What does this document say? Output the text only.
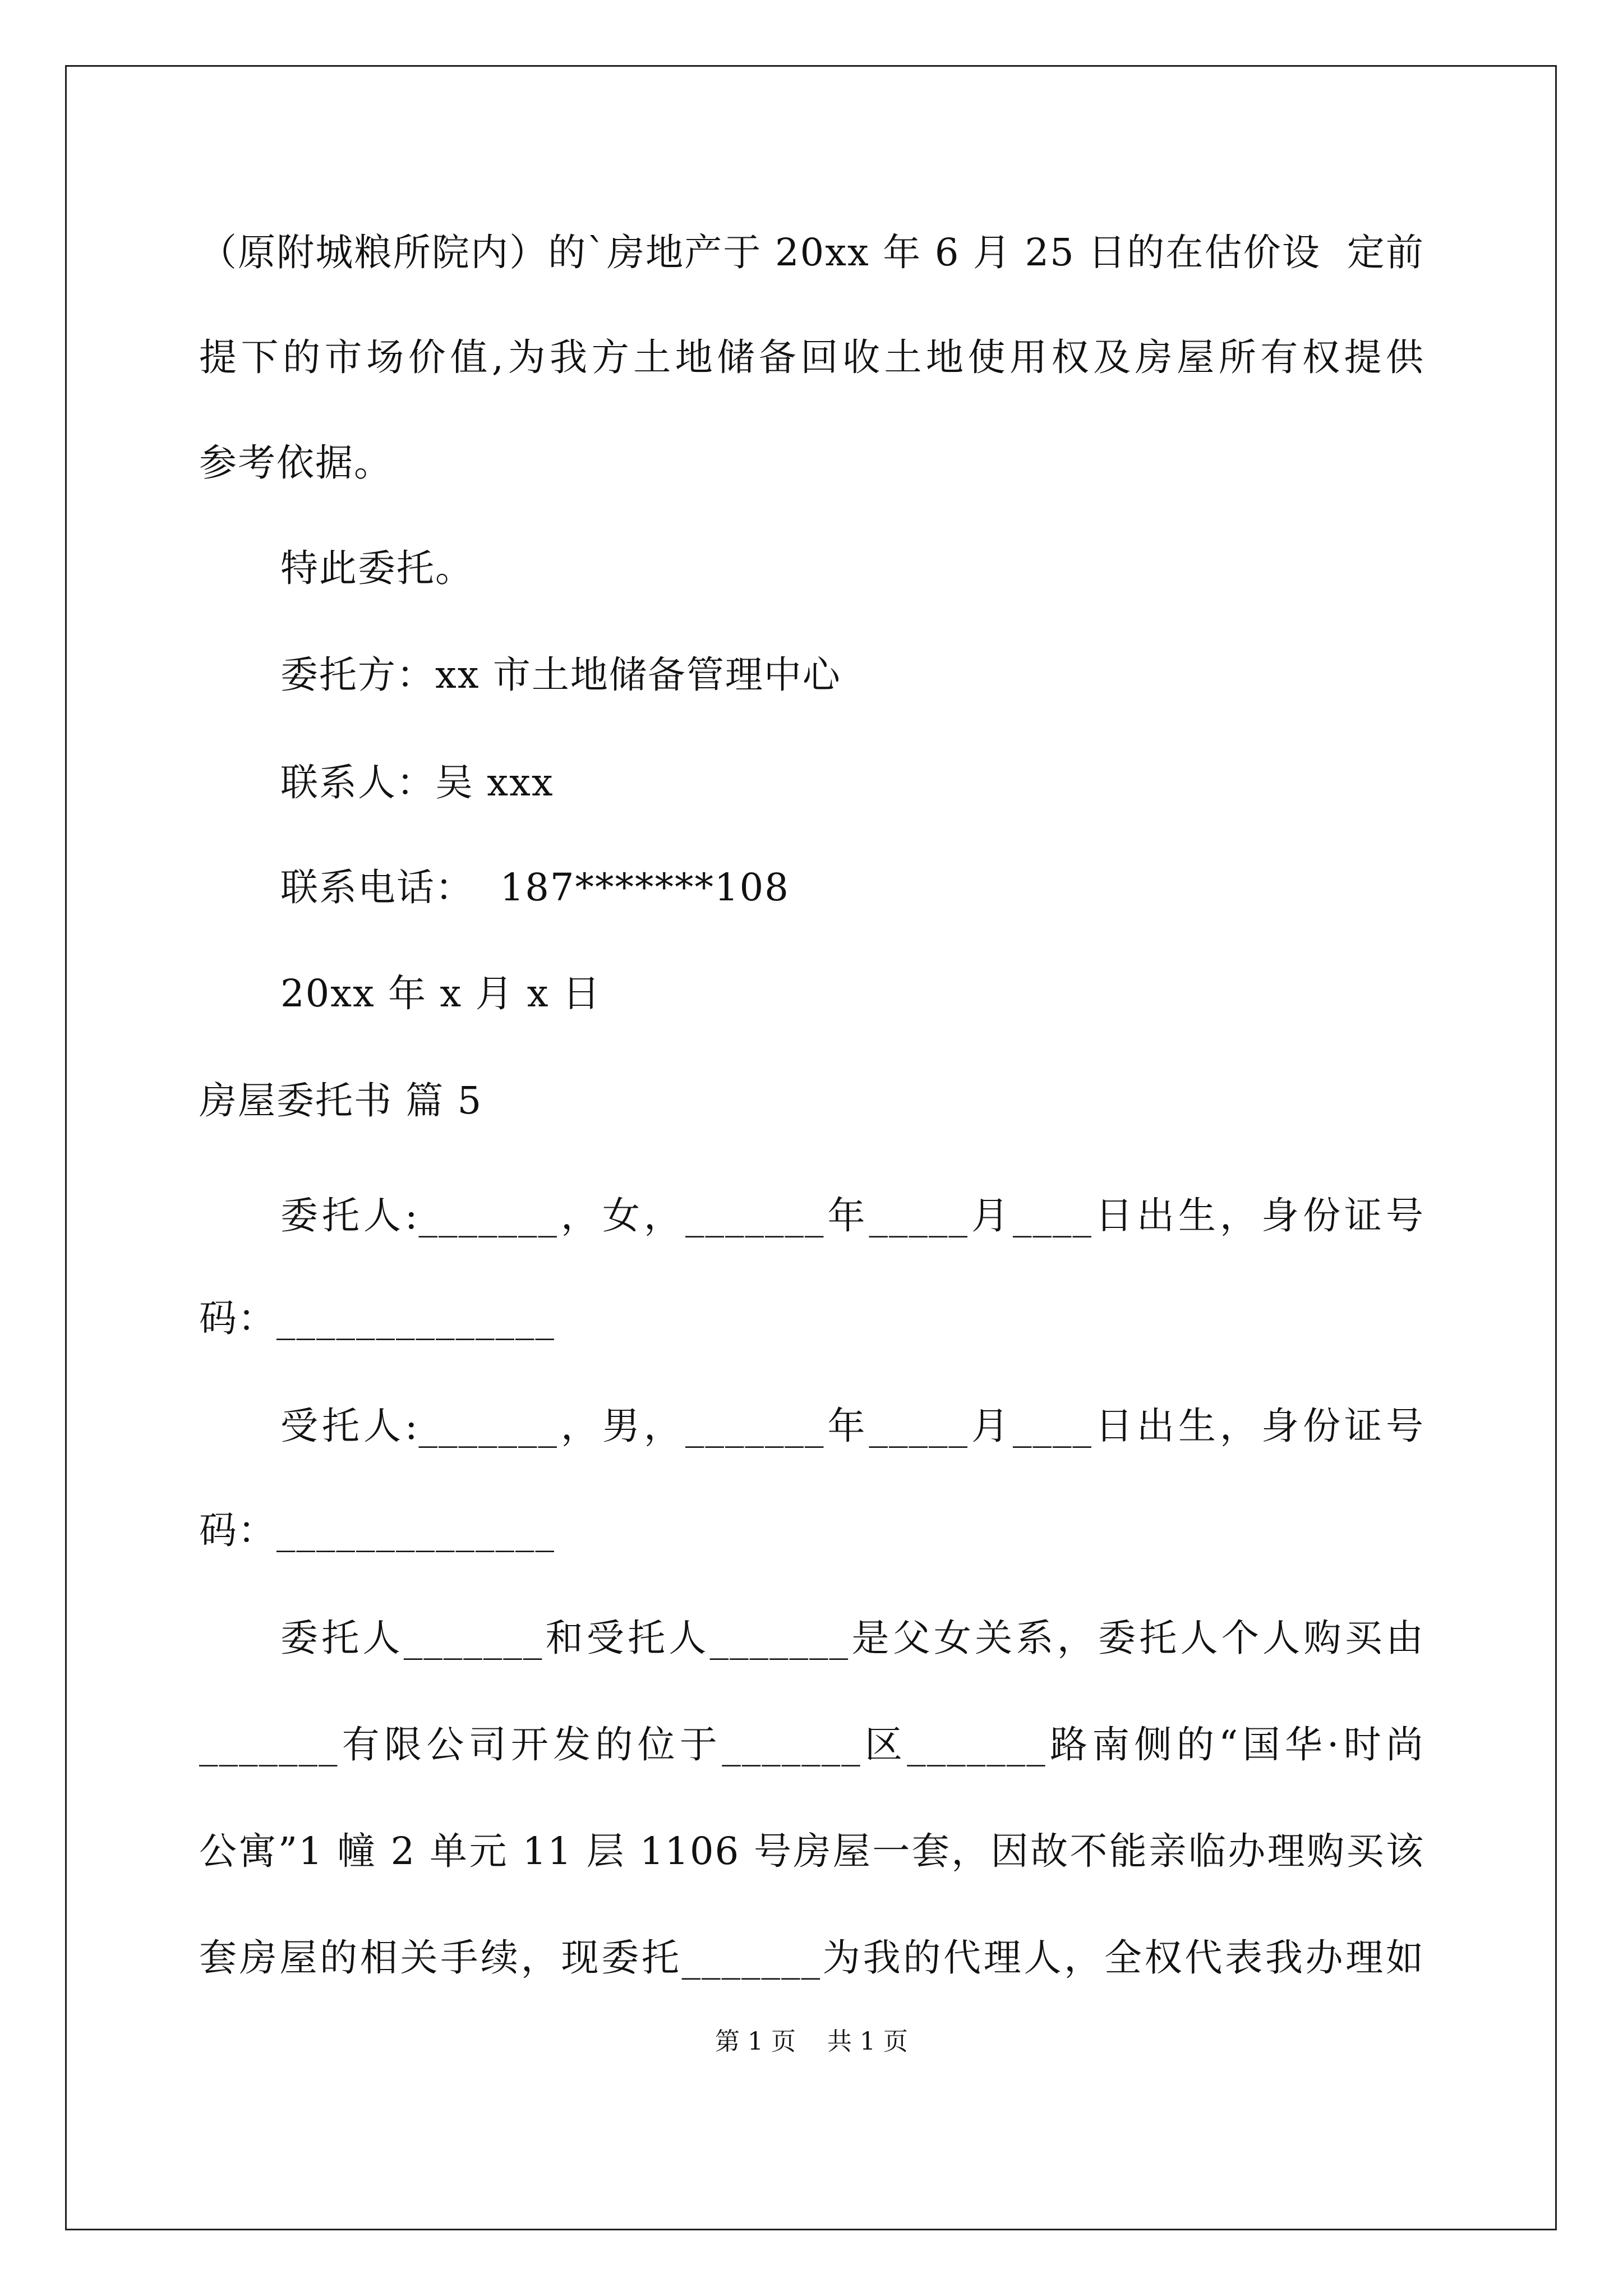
（原附城粮所院内）的`房地产于 20xx 年 6 月 25 日的在估价设  定前
提下的市场价值,为我方土地储备回收土地使用权及房屋所有权提供
参考依据。
特此委托。
委托方：xx 市土地储备管理中心
联系人：吴 xxx
联系电话：  187*******108
20xx 年 x 月 x 日
房屋委托书 篇 5
委托人:_______，女，_______年_____月____日出生，身份证号
码：______________
受托人:_______，男，_______年_____月____日出生，身份证号
码：______________
委托人_______和受托人_______是父女关系，委托人个人购买由
_______有限公司开发的位于_______区_______路南侧的“国华·时尚
公寓”1 幢 2 单元 11 层 1106 号房屋一套，因故不能亲临办理购买该
套房屋的相关手续，现委托_______为我的代理人，全权代表我办理如
第 1 页    共 1 页
